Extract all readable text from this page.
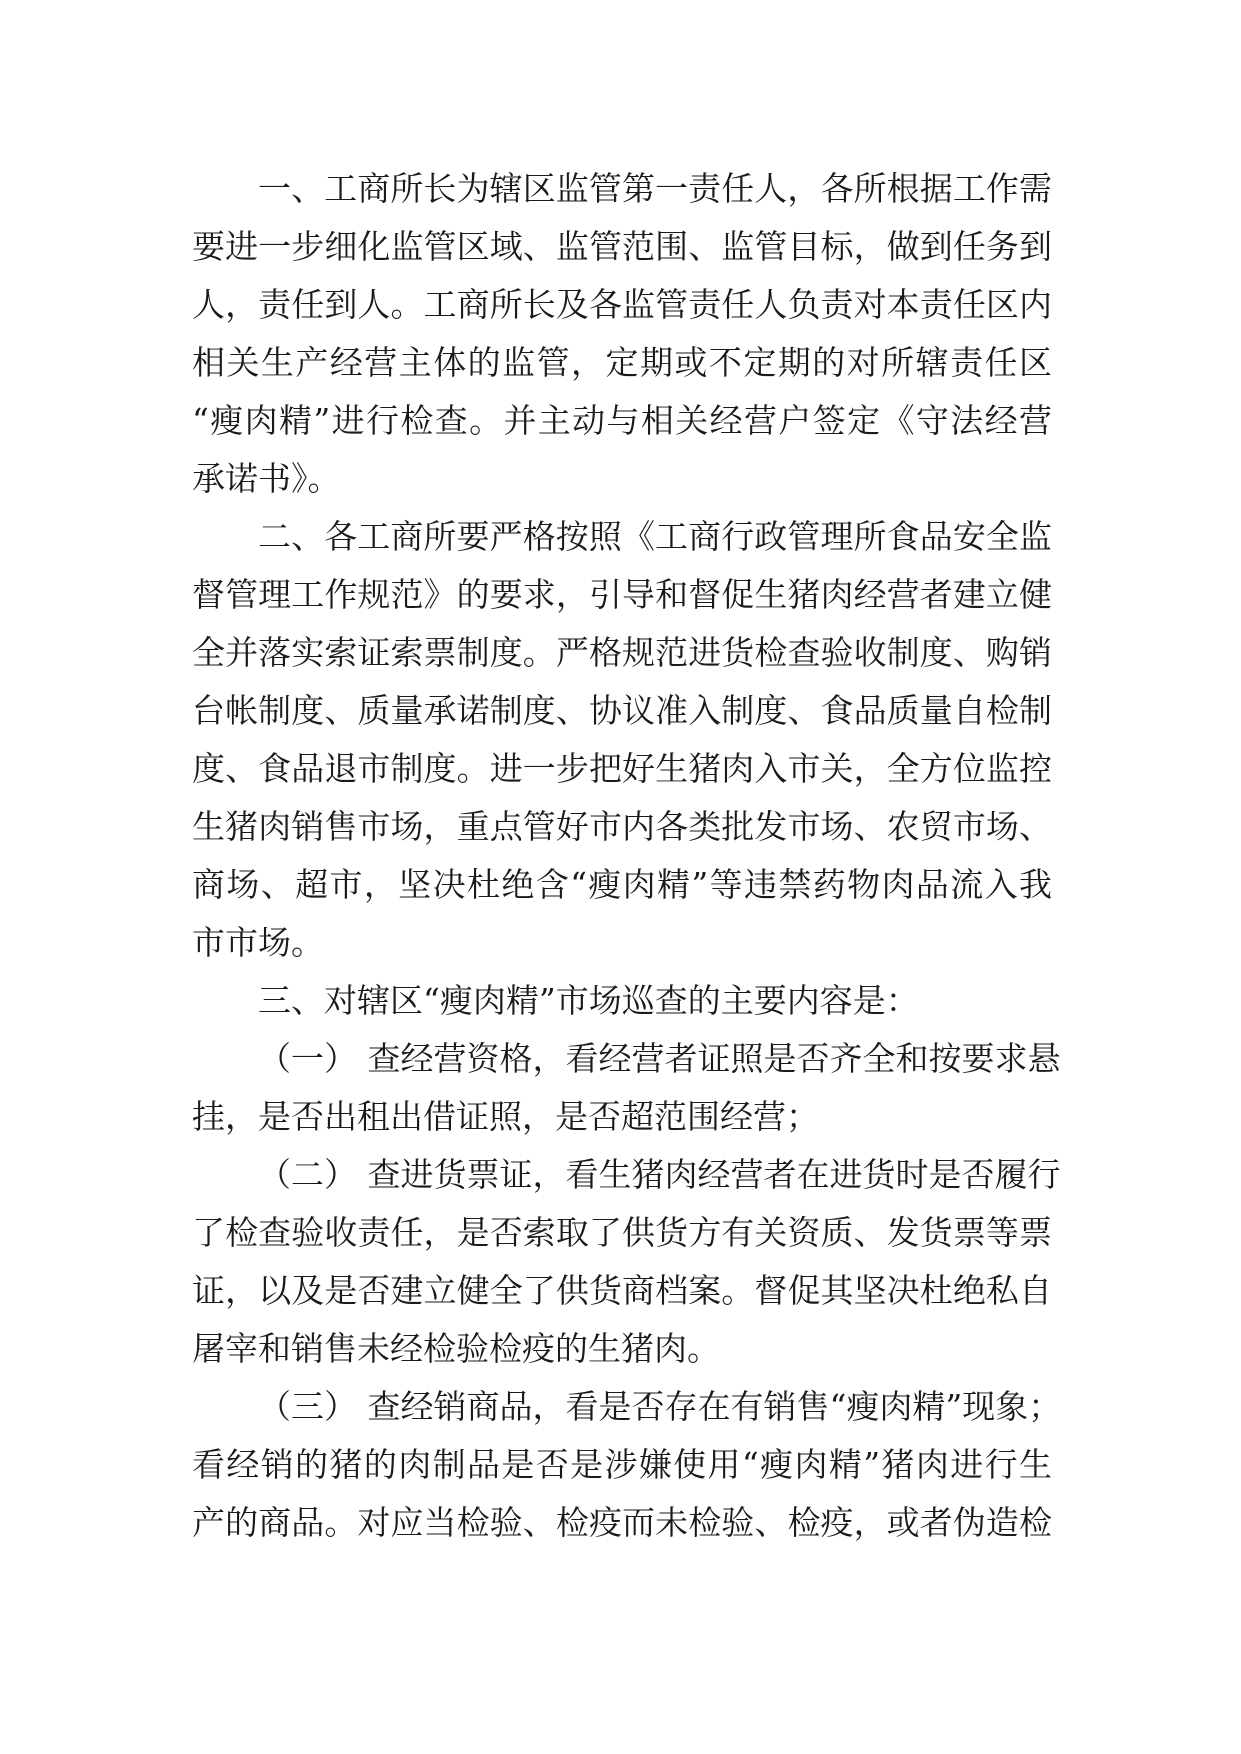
一、工商所长为辖区监管第一责任人，各所根据工作需
要进一步细化监管区域、监管范围、监管目标，做到任务到
人，责任到人。工商所长及各监管责任人负责对本责任区内
相关生产经营主体的监管，定期或不定期的对所辖责任区
“瘦肉精”进行检查。并主动与相关经营户签定《守法经营
承诺书》。
二、各工商所要严格按照《工商行政管理所食品安全监
督管理工作规范》的要求，引导和督促生猪肉经营者建立健
全并落实索证索票制度。严格规范进货检查验收制度、购销
台帐制度、质量承诺制度、协议准入制度、食品质量自检制
度、食品退市制度。进一步把好生猪肉入市关，全方位监控
生猪肉销售市场，重点管好市内各类批发市场、农贸市场、
商场、超市，坚决杜绝含“瘦肉精”等违禁药物肉品流入我
市市场。
三、对辖区“瘦肉精”市场巡查的主要内容是：
（一） 查经营资格，看经营者证照是否齐全和按要求悬
挂，是否出租出借证照，是否超范围经营；
（二） 查进货票证，看生猪肉经营者在进货时是否履行
了检查验收责任，是否索取了供货方有关资质、发货票等票
证，以及是否建立健全了供货商档案。督促其坚决杜绝私自
屠宰和销售未经检验检疫的生猪肉。
（三） 查经销商品，看是否存在有销售“瘦肉精”现象；
看经销的猪的肉制品是否是涉嫌使用“瘦肉精”猪肉进行生
产的商品。对应当检验、检疫而未检验、检疫，或者伪造检
